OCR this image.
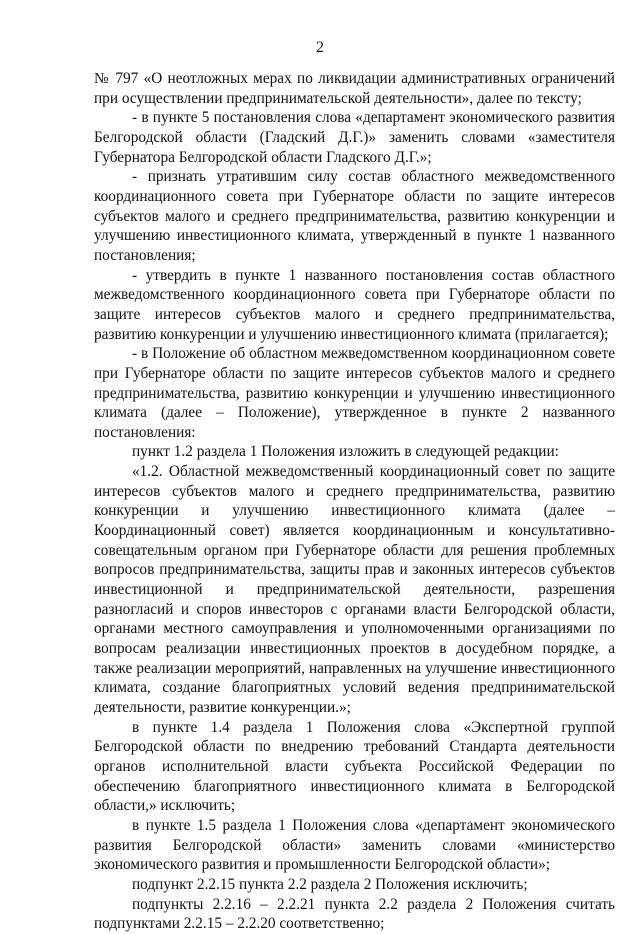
2

№ 797 «О неотложных мерах по ликвидации административных ограничений при осуществлении предпринимательской деятельности», далее по тексту;

- в пункте 5 постановления слова «департамент экономического развития Белгородской области (Гладский Д.Г.)» заменить словами «заместителя Губернатора Белгородской области Гладского Д.Г.»;

- признать утратившим силу состав областного межведомственного координационного совета при Губернаторе области по защите интересов субъектов малого и среднего предпринимательства, развитию конкуренции и улучшению инвестиционного климата, утвержденный в пункте 1 названного постановления;

- утвердить в пункте 1 названного постановления состав областного межведомственного координационного совета при Губернаторе области по защите интересов субъектов малого и среднего предпринимательства, развитию конкуренции и улучшению инвестиционного климата (прилагается);

- в Положение об областном межведомственном координационном совете при Губернаторе области по защите интересов субъектов малого и среднего предпринимательства, развитию конкуренции и улучшению инвестиционного климата (далее – Положение), утвержденное в пункте 2 названного постановления:

пункт 1.2 раздела 1 Положения изложить в следующей редакции:

«1.2. Областной межведомственный координационный совет по защите интересов субъектов малого и среднего предпринимательства, развитию конкуренции и улучшению инвестиционного климата (далее – Координационный совет) является координационным и консультативно-совещательным органом при Губернаторе области для решения проблемных вопросов предпринимательства, защиты прав и законных интересов субъектов инвестиционной и предпринимательской деятельности, разрешения разногласий и споров инвесторов с органами власти Белгородской области, органами местного самоуправления и уполномоченными организациями по вопросам реализации инвестиционных проектов в досудебном порядке, а также реализации мероприятий, направленных на улучшение инвестиционного климата, создание благоприятных условий ведения предпринимательской деятельности, развитие конкуренции.»;

в пункте 1.4 раздела 1 Положения слова «Экспертной группой Белгородской области по внедрению требований Стандарта деятельности органов исполнительной власти субъекта Российской Федерации по обеспечению благоприятного инвестиционного климата в Белгородской области,» исключить;

в пункте 1.5 раздела 1 Положения слова «департамент экономического развития Белгородской области» заменить словами «министерство экономического развития и промышленности Белгородской области»;

подпункт 2.2.15 пункта 2.2 раздела 2 Положения исключить;

подпункты 2.2.16 – 2.2.21 пункта 2.2 раздела 2 Положения считать подпунктами 2.2.15 – 2.2.20 соответственно;
